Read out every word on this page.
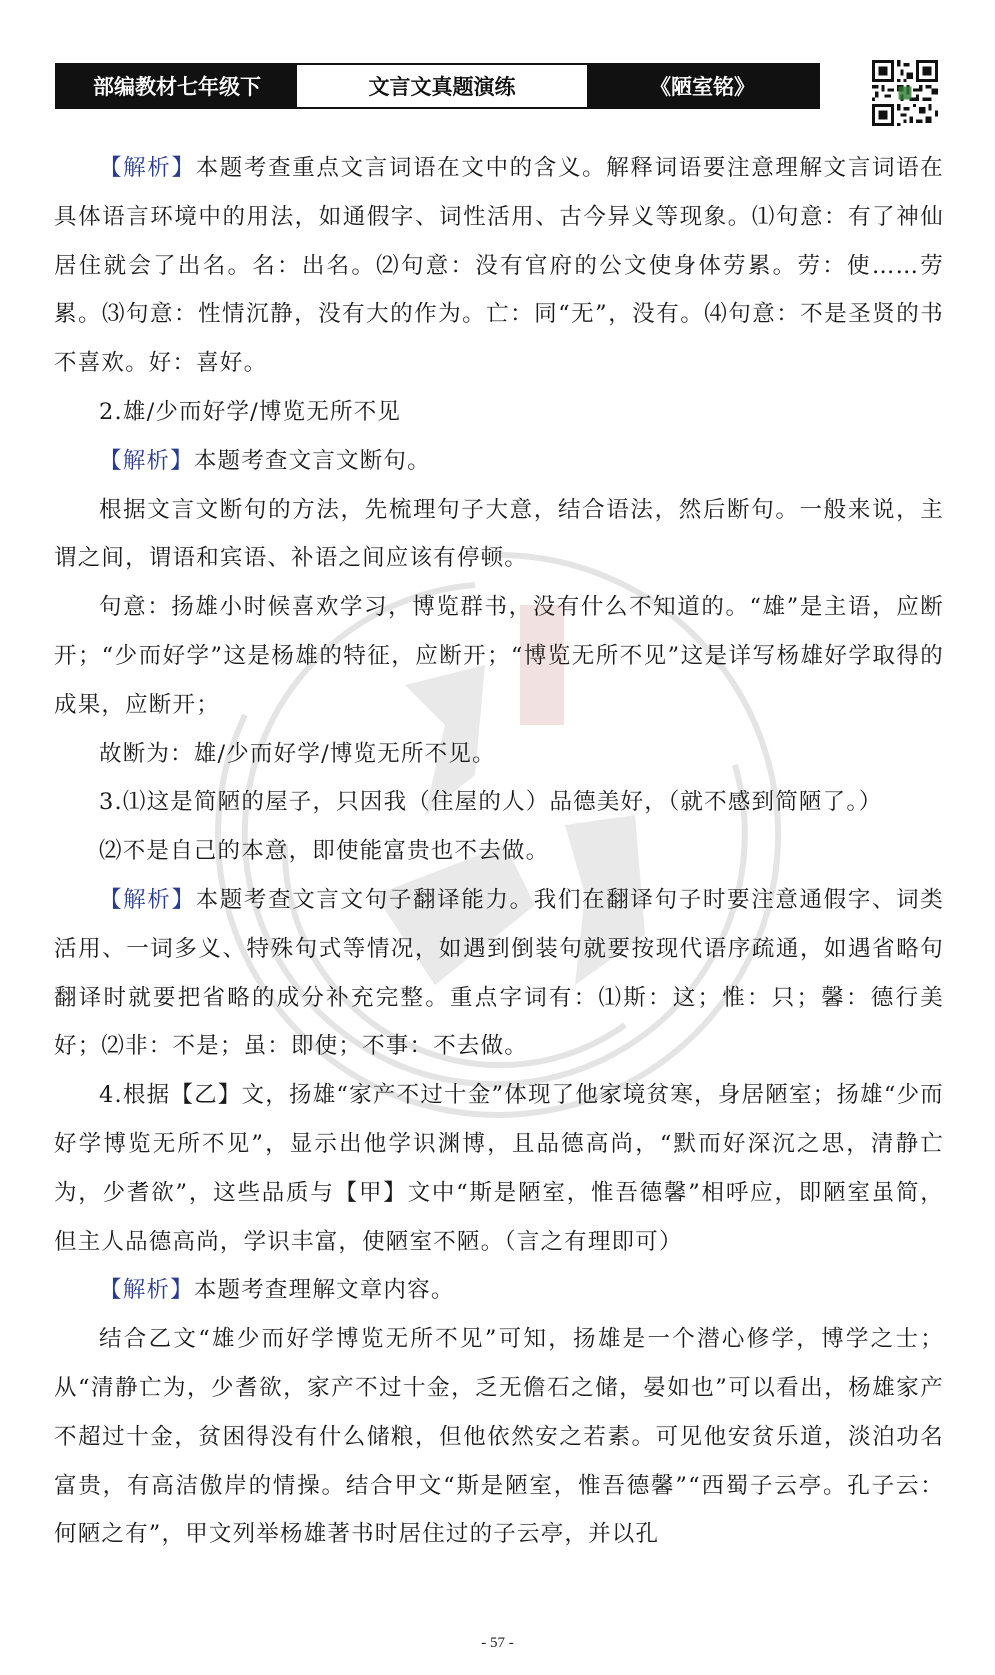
部编教材七年级下	文言文真题演练	《陋室铭》

【解析】本题考查重点文言词语在文中的含义。解释词语要注意理解文言词语在具体语言环境中的用法，如通假字、词性活用、古今异义等现象。⑴句意：有了神仙居住就会了出名。名：出名。⑵句意：没有官府的公文使身体劳累。劳：使……劳累。⑶句意：性情沉静，没有大的作为。亡：同“无”，没有。⑷句意：不是圣贤的书不喜欢。好：喜好。

2.雄/少而好学/博览无所不见

【解析】本题考查文言文断句。

根据文言文断句的方法，先梳理句子大意，结合语法，然后断句。一般来说，主谓之间，谓语和宾语、补语之间应该有停顿。

句意：扬雄小时候喜欢学习，博览群书，没有什么不知道的。“雄”是主语，应断开；“少而好学”这是杨雄的特征，应断开；“博览无所不见”这是详写杨雄好学取得的成果，应断开；

故断为：雄/少而好学/博览无所不见。

3.⑴这是简陋的屋子，只因我（住屋的人）品德美好，（就不感到简陋了。）

⑵不是自己的本意，即使能富贵也不去做。

【解析】本题考查文言文句子翻译能力。我们在翻译句子时要注意通假字、词类活用、一词多义、特殊句式等情况，如遇到倒装句就要按现代语序疏通，如遇省略句翻译时就要把省略的成分补充完整。重点字词有：⑴斯：这；惟：只；馨：德行美好；⑵非：不是；虽：即使；不事：不去做。

4.根据【乙】文，扬雄“家产不过十金”体现了他家境贫寒，身居陋室；扬雄“少而好学博览无所不见”，显示出他学识渊博，且品德高尚，“默而好深沉之思，清静亡为，少耆欲”，这些品质与【甲】文中“斯是陋室，惟吾德馨”相呼应，即陋室虽简，但主人品德高尚，学识丰富，使陋室不陋。（言之有理即可）

【解析】本题考查理解文章内容。

结合乙文“雄少而好学博览无所不见”可知，扬雄是一个潜心修学，博学之士；从“清静亡为，少耆欲，家产不过十金，乏无儋石之储，晏如也”可以看出，杨雄家产不超过十金，贫困得没有什么储粮，但他依然安之若素。可见他安贫乐道，淡泊功名富贵，有高洁傲岸的情操。结合甲文“斯是陋室，惟吾德馨”“西蜀子云亭。孔子云：何陋之有”，甲文列举杨雄著书时居住过的子云亭，并以孔

- 57 -
